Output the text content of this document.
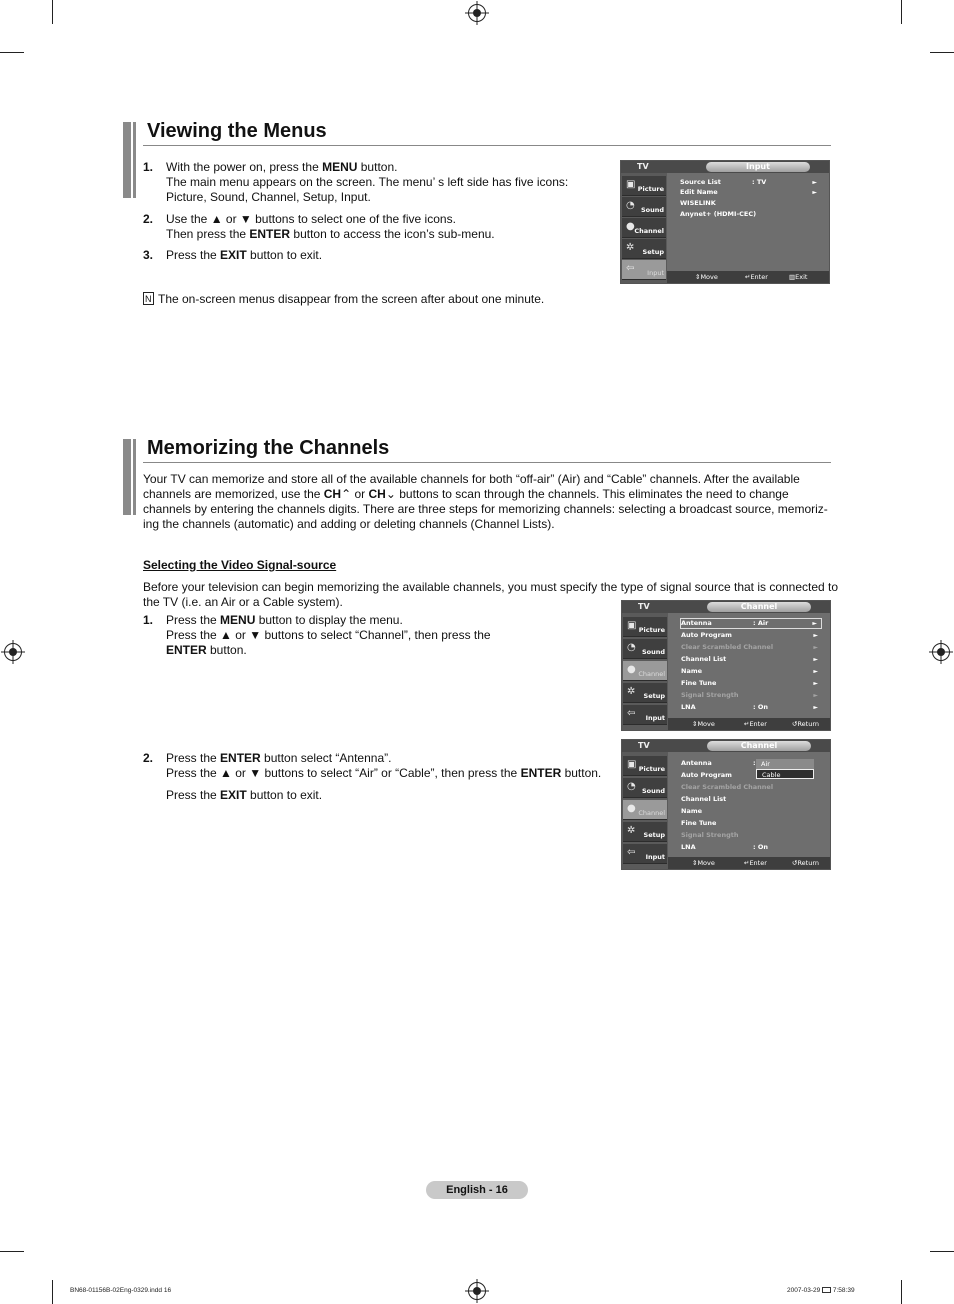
Viewing the Menus
1. With the power on, press the MENU button.
The main menu appears on the screen. The menu’ s left side has five icons:
Picture, Sound, Channel, Setup, Input.
2. Use the ▲ or ▼ buttons to select one of the five icons.
Then press the ENTER button to access the icon’s sub-menu.
3. Press the EXIT button to exit.
NThe on-screen menus disappear from the screen after about one minute.
TV	Input
▣ Picture
◔ Sound
● Channel
✲ Setup
⇦ Input
Source List	: TV	►
Edit Name	►
WISELINK
Anynet+ (HDMI-CEC)
⇕ Move	↵ Enter	▥ Exit
Memorizing the Channels
Your TV can memorize and store all of the available channels for both “off-air” (Air) and “Cable” channels. After the available
channels are memorized, use the CH⌃ or CH⌄ buttons to scan through the channels. This eliminates the need to change
channels by entering the channels digits. There are three steps for memorizing channels: selecting a broadcast source, memoriz-
ing the channels (automatic) and adding or deleting channels (Channel Lists).
Selecting the Video Signal-source
Before your television can begin memorizing the available channels, you must specify the type of signal source that is connected to
the TV (i.e. an Air or a Cable system).
1. Press the MENU button to display the menu.
Press the ▲ or ▼ buttons to select “Channel”, then press the
ENTER button.
2. Press the ENTER button select “Antenna”.
Press the ▲ or ▼ buttons to select “Air” or “Cable”, then press the ENTER button.
Press the EXIT button to exit.
TV	Channel
▣ Picture
◔ Sound
● Channel
✲ Setup
⇦ Input
Antenna	: Air	►
Auto Program	►
Clear Scrambled Channel	►
Channel List	►
Name	►
Fine Tune	►
Signal Strength	►
LNA	: On	►
⇕ Move	↵ Enter	↺ Return
TV	Channel
▣ Picture
◔ Sound
● Channel
✲ Setup
⇦ Input
Antenna	:
Auto Program
Clear Scrambled Channel
Channel List
Name
Fine Tune
Signal Strength
LNA	: On
Air
Cable
⇕ Move	↵ Enter	↺ Return
English - 16
BN68-01156B-02Eng-0329.indd 16	2007-03-29 7:58:39
